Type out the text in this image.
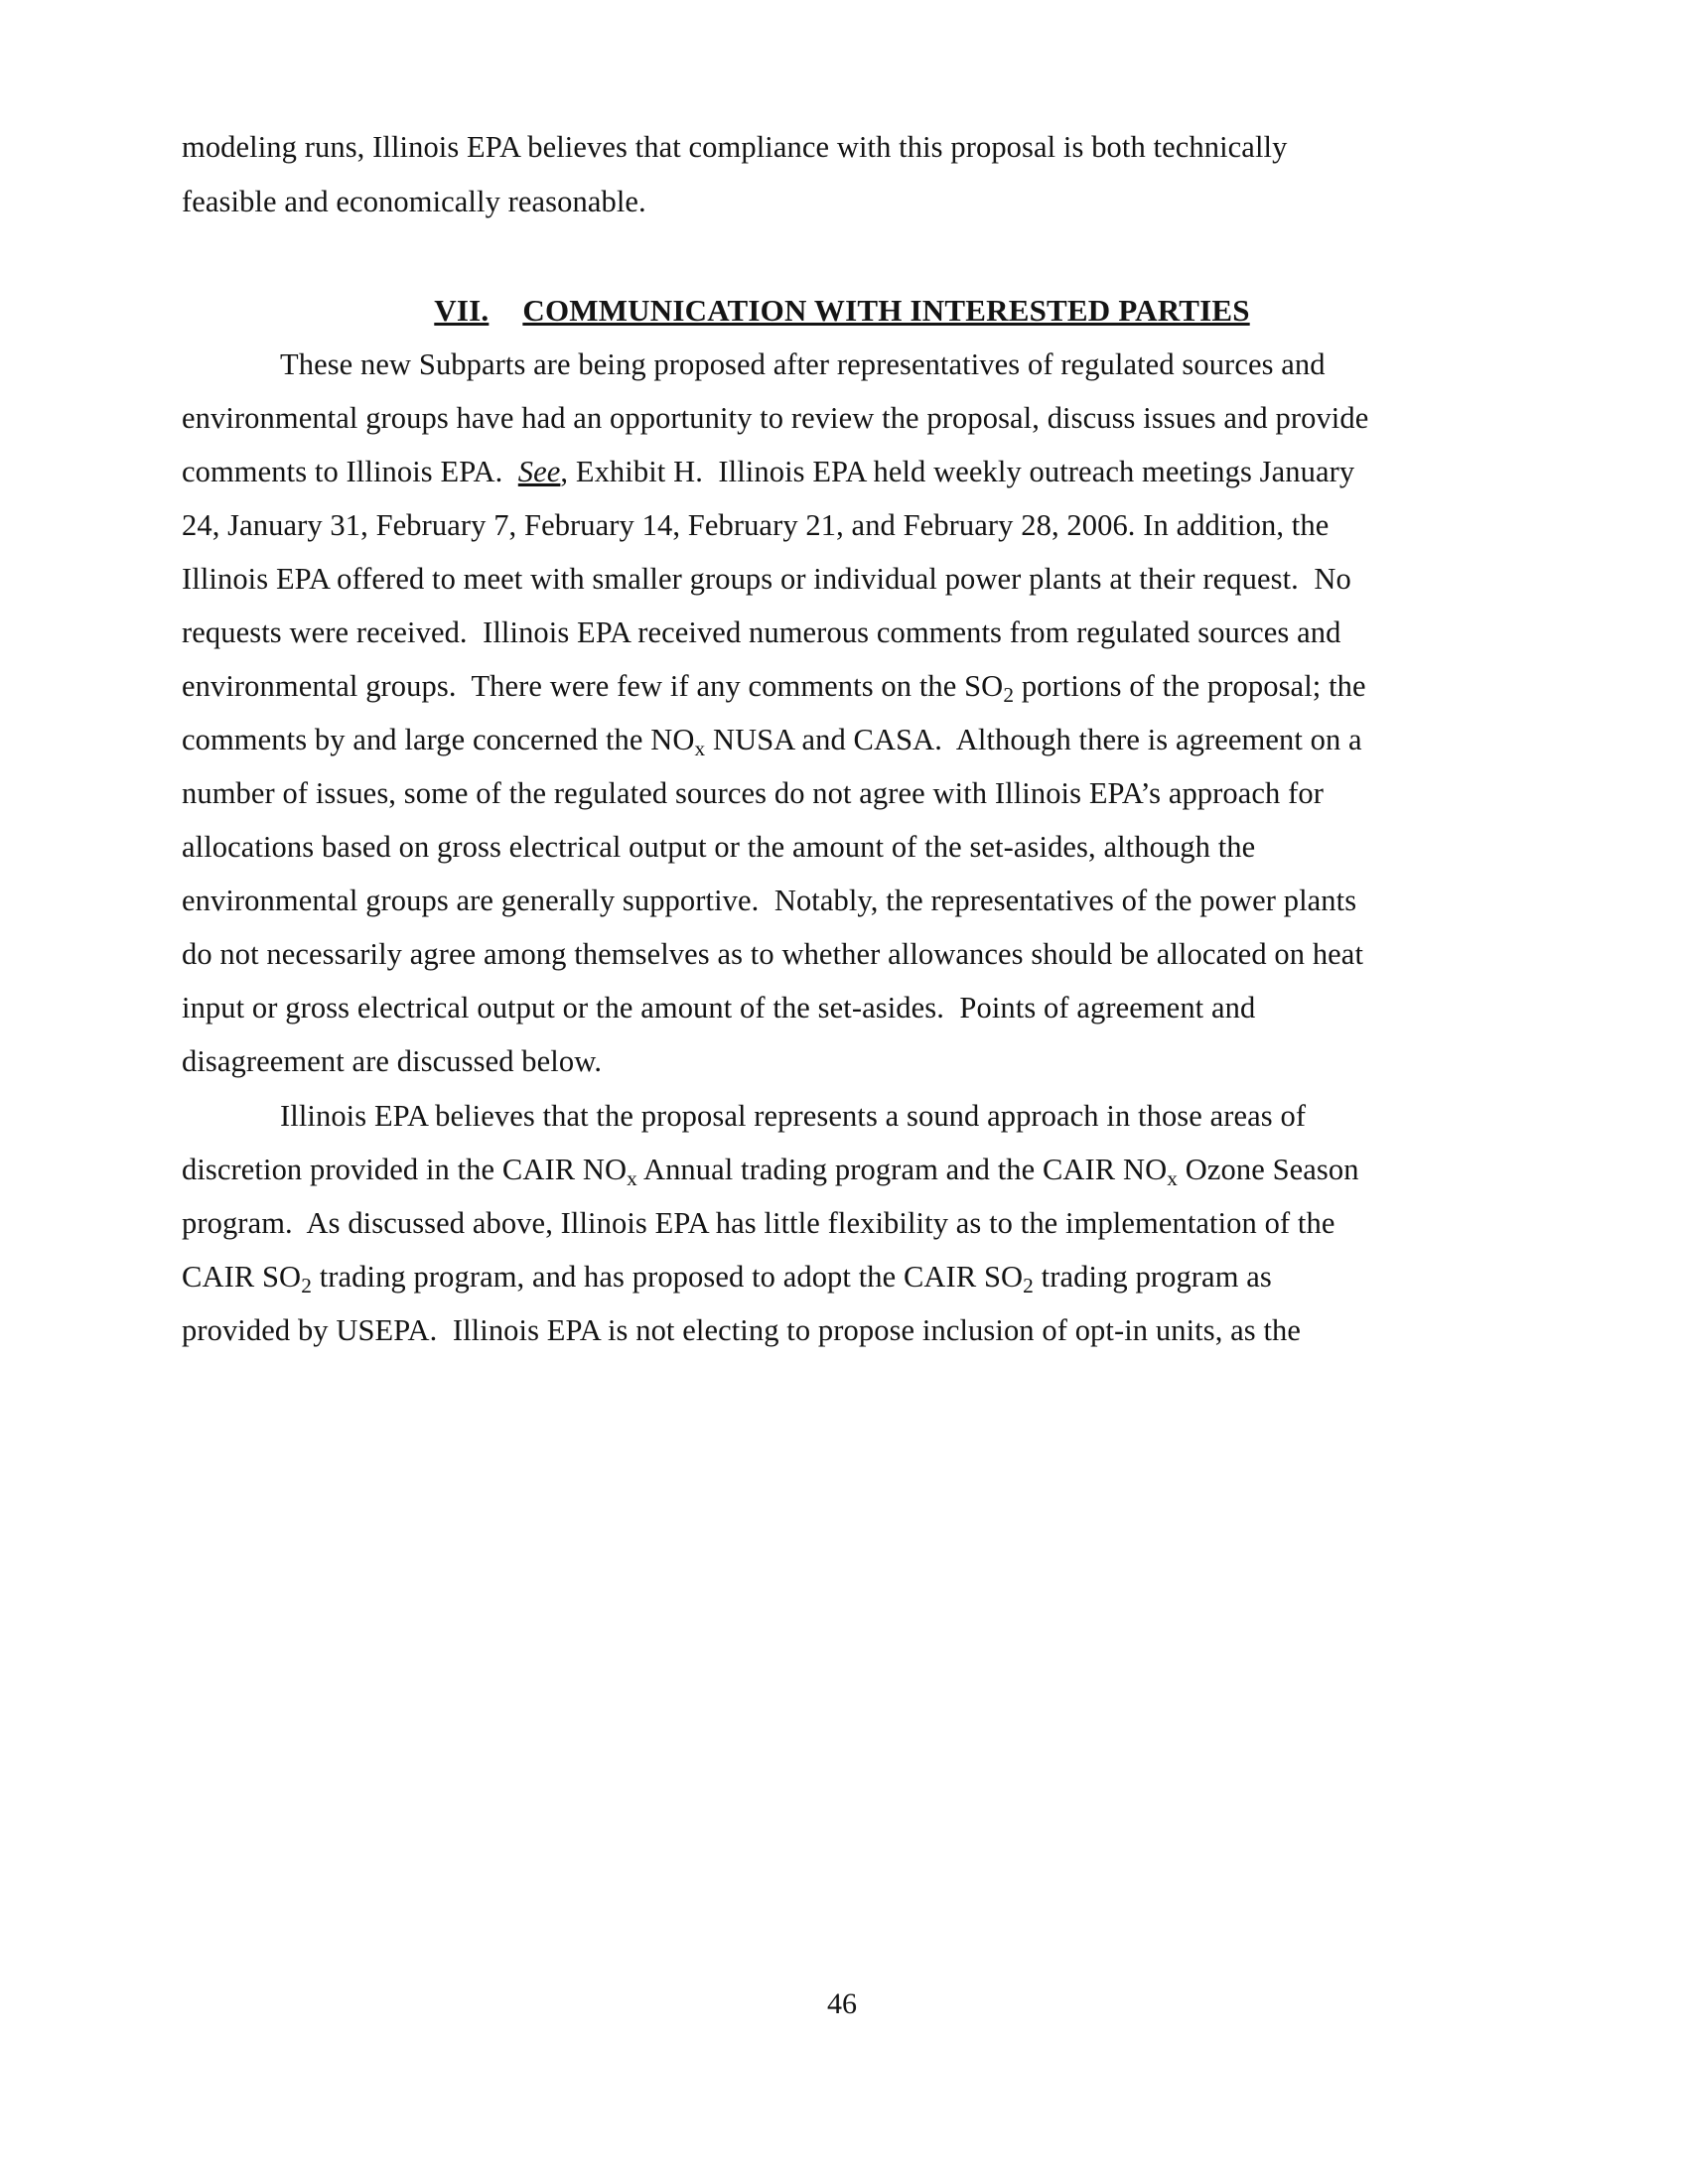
modeling runs, Illinois EPA believes that compliance with this proposal is both technically
feasible and economically reasonable.
VII. COMMUNICATION WITH INTERESTED PARTIES
These new Subparts are being proposed after representatives of regulated sources and
environmental groups have had an opportunity to review the proposal, discuss issues and provide
comments to Illinois EPA.  See, Exhibit H.  Illinois EPA held weekly outreach meetings January
24, January 31, February 7, February 14, February 21, and February 28, 2006. In addition, the
Illinois EPA offered to meet with smaller groups or individual power plants at their request.  No
requests were received.  Illinois EPA received numerous comments from regulated sources and
environmental groups.  There were few if any comments on the $SO_2$ portions of the proposal; the
comments by and large concerned the $NO_x$ NUSA and CASA.  Although there is agreement on a
number of issues, some of the regulated sources do not agree with Illinois EPA’s approach for
allocations based on gross electrical output or the amount of the set-asides, although the
environmental groups are generally supportive.  Notably, the representatives of the power plants
do not necessarily agree among themselves as to whether allowances should be allocated on heat
input or gross electrical output or the amount of the set-asides.  Points of agreement and
disagreement are discussed below.
Illinois EPA believes that the proposal represents a sound approach in those areas of
discretion provided in the CAIR $NO_x$ Annual trading program and the CAIR $NO_x$ Ozone Season
program.  As discussed above, Illinois EPA has little flexibility as to the implementation of the
CAIR $SO_2$ trading program, and has proposed to adopt the CAIR $SO_2$ trading program as
provided by USEPA.  Illinois EPA is not electing to propose inclusion of opt-in units, as the
46
